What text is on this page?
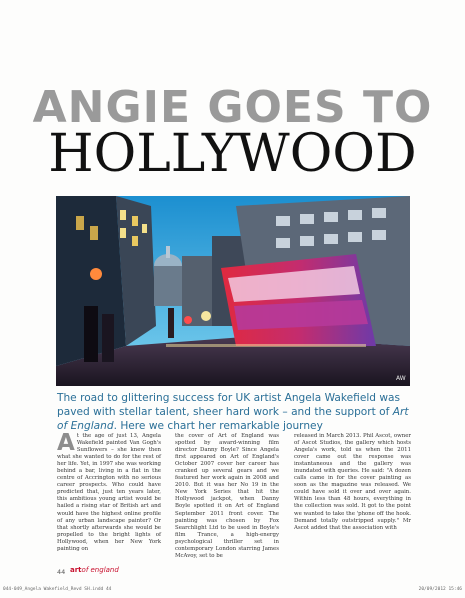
ANGIE GOES TO
HOLLYWOOD
AW
The road to glittering success for UK artist Angela Wakefield was paved with stellar talent, sheer hard work – and the support of Art of England. Here we chart her remarkable journey
At the age of just 13, Angela Wakefield painted Van Gogh's Sunflowers – she knew then what she wanted to do for the rest of her life. Yet, in 1997 she was working behind a bar, living in a flat in the centre of Accrington with no serious career prospects. Who could have predicted that, just ten years later, this ambitious young artist would be hailed a rising star of British art and would have the highest online profile of any urban landscape painter? Or that shortly afterwards she would be propelled to the bright lights of Hollywood, when her New York painting on
the cover of Art of England was spotted by award-winning film director Danny Boyle? Since Angela first appeared on Art of England's October 2007 cover her career has cranked up several gears and we featured her work again in 2008 and 2010. But it was her No 19 in the New York Series that hit the Hollywood jackpot, when Danny Boyle spotted it on Art of England September 2011 front cover. The painting was chosen by Fox Searchlight Ltd to be used in Boyle's film Trance, a high-energy psychological thriller set in contemporary London starring James McAvoy, set to be
released in March 2013. Phil Ascot, owner of Ascot Studios, the gallery which hosts Angela's work, told us when the 2011 cover came out the response was instantaneous and the gallery was inundated with queries. He said: "A dozen calls came in for the cover painting as soon as the magazine was released. We could have sold it over and over again. Within less than 48 hours, everything in the collection was sold. It got to the point we wanted to take the 'phone off the hook. Demand totally outstripped supply." Mr Ascot added that the association with
44 artof england
044-049_Angela Wakefield_Revd SH.indd 44	20/09/2012 15:46
